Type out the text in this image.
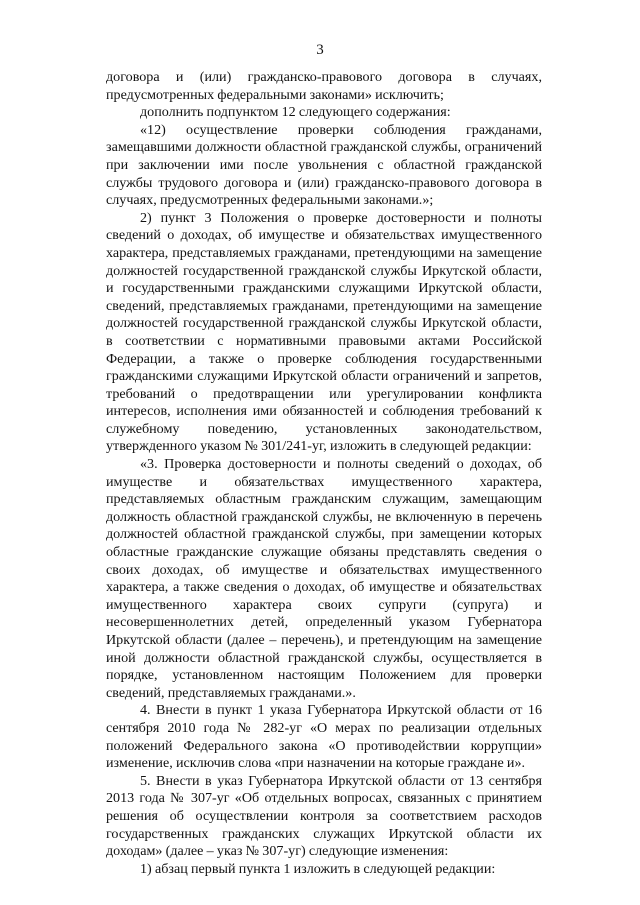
3

договора и (или) гражданско-правового договора в случаях, предусмотренных федеральными законами» исключить;

дополнить подпунктом 12 следующего содержания:

«12) осуществление проверки соблюдения гражданами, замещавшими должности областной гражданской службы, ограничений при заключении ими после увольнения с областной гражданской службы трудового договора и (или) гражданско-правового договора в случаях, предусмотренных федеральными законами.»;

2) пункт 3 Положения о проверке достоверности и полноты сведений о доходах, об имуществе и обязательствах имущественного характера, представляемых гражданами, претендующими на замещение должностей государственной гражданской службы Иркутской области, и государственными гражданскими служащими Иркутской области, сведений, представляемых гражданами, претендующими на замещение должностей государственной гражданской службы Иркутской области, в соответствии с нормативными правовыми актами Российской Федерации, а также о проверке соблюдения государственными гражданскими служащими Иркутской области ограничений и запретов, требований о предотвращении или урегулировании конфликта интересов, исполнения ими обязанностей и соблюдения требований к служебному поведению, установленных законодательством, утвержденного указом № 301/241-уг, изложить в следующей редакции:

«3. Проверка достоверности и полноты сведений о доходах, об имуществе и обязательствах имущественного характера, представляемых областным гражданским служащим, замещающим должность областной гражданской службы, не включенную в перечень должностей областной гражданской службы, при замещении которых областные гражданские служащие обязаны представлять сведения о своих доходах, об имуществе и обязательствах имущественного характера, а также сведения о доходах, об имуществе и обязательствах имущественного характера своих супруги (супруга) и несовершеннолетних детей, определенный указом Губернатора Иркутской области (далее – перечень), и претендующим на замещение иной должности областной гражданской службы, осуществляется в порядке, установленном настоящим Положением для проверки сведений, представляемых гражданами.».

4. Внести в пункт 1 указа Губернатора Иркутской области от 16 сентября 2010 года № 282-уг «О мерах по реализации отдельных положений Федерального закона «О противодействии коррупции» изменение, исключив слова «при назначении на которые граждане и».

5. Внести в указ Губернатора Иркутской области от 13 сентября 2013 года № 307-уг «Об отдельных вопросах, связанных с принятием решения об осуществлении контроля за соответствием расходов государственных гражданских служащих Иркутской области их доходам» (далее – указ № 307-уг) следующие изменения:

1) абзац первый пункта 1 изложить в следующей редакции:
